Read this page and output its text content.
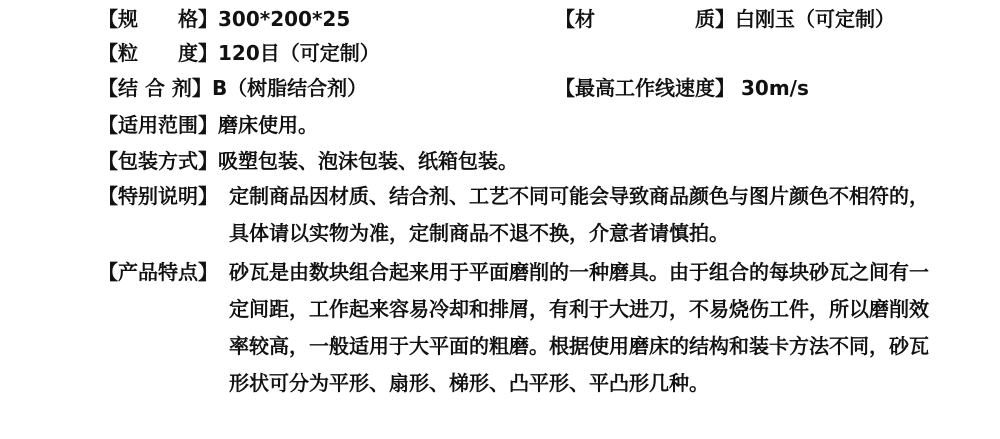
【规　　格】300*200*25	【材　　　　　质】白刚玉（可定制）
【粒　　度】120目（可定制）
【结 合 剂】B（树脂结合剂）	【最高工作线速度】 30m/s
【适用范围】磨床使用。
【包装方式】吸塑包装、泡沫包装、纸箱包装。
【特别说明】 定制商品因材质、结合剂、工艺不同可能会导致商品颜色与图片颜色不相符的，具体请以实物为准，定制商品不退不换，介意者请慎拍。
【产品特点】 砂瓦是由数块组合起来用于平面磨削的一种磨具。由于组合的每块砂瓦之间有一定间距，工作起来容易冷却和排屑，有利于大进刀，不易烧伤工件，所以磨削效率较高，一般适用于大平面的粗磨。根据使用磨床的结构和装卡方法不同，砂瓦形状可分为平形、扇形、梯形、凸平形、平凸形几种。
